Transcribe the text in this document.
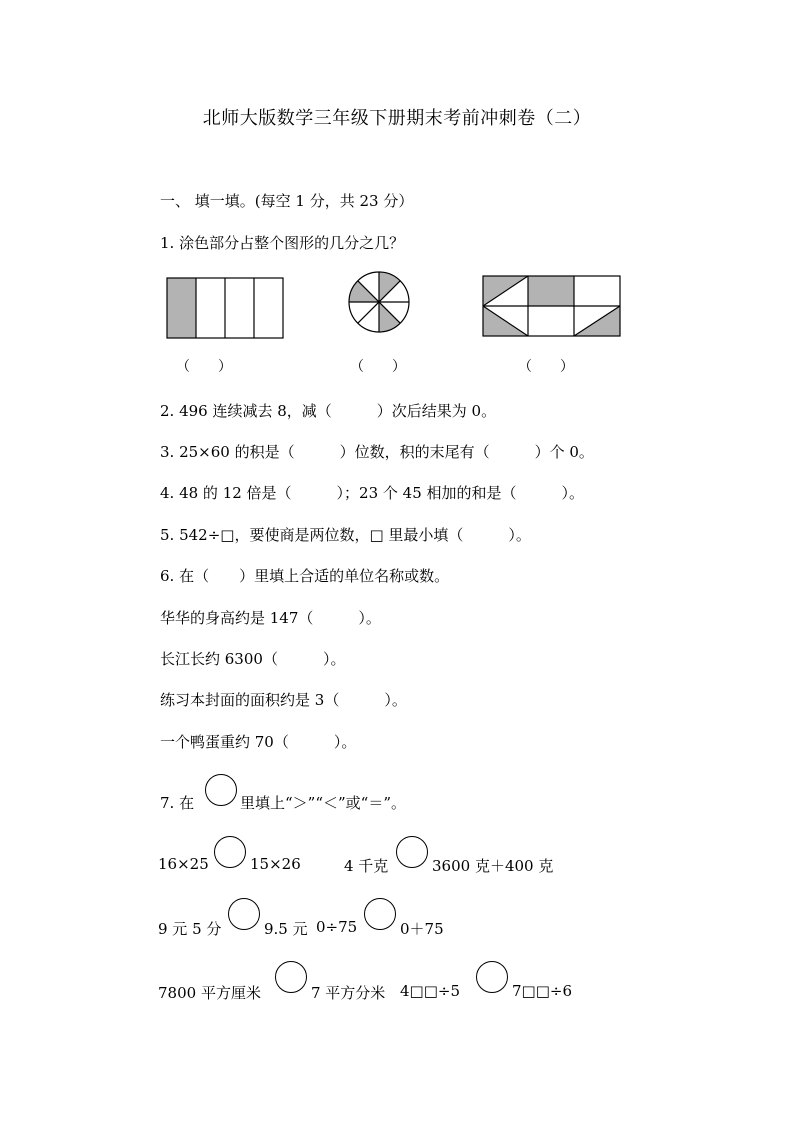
北师大版数学三年级下册期末考前冲刺卷（二）
一、 填一填。(每空 1 分，共 23 分）
1. 涂色部分占整个图形的几分之几？
（　　）	（　　）	（　　）
2. 496 连续减去 8，减（　　　）次后结果为 0。
3. 25×60 的积是（　　　）位数，积的末尾有（　　　）个 0。
4. 48 的 12 倍是（　　　）；23 个 45 相加的和是（　　　）。
5. 542÷□，要使商是两位数，□ 里最小填（　　　）。
6. 在（　　）里填上合适的单位名称或数。
华华的身高约是 147（　　　）。
长江长约 6300（　　　）。
练习本封面的面积约是 3（　　　）。
一个鸭蛋重约 70（　　　）。
7. 在	里填上“＞”“＜”或“＝”。
16×25	15×26	4 千克	3600 克＋400 克
9 元 5 分	9.5 元 0÷75	0＋75
7800 平方厘米	7 平方分米 4□□÷5	7□□÷6
